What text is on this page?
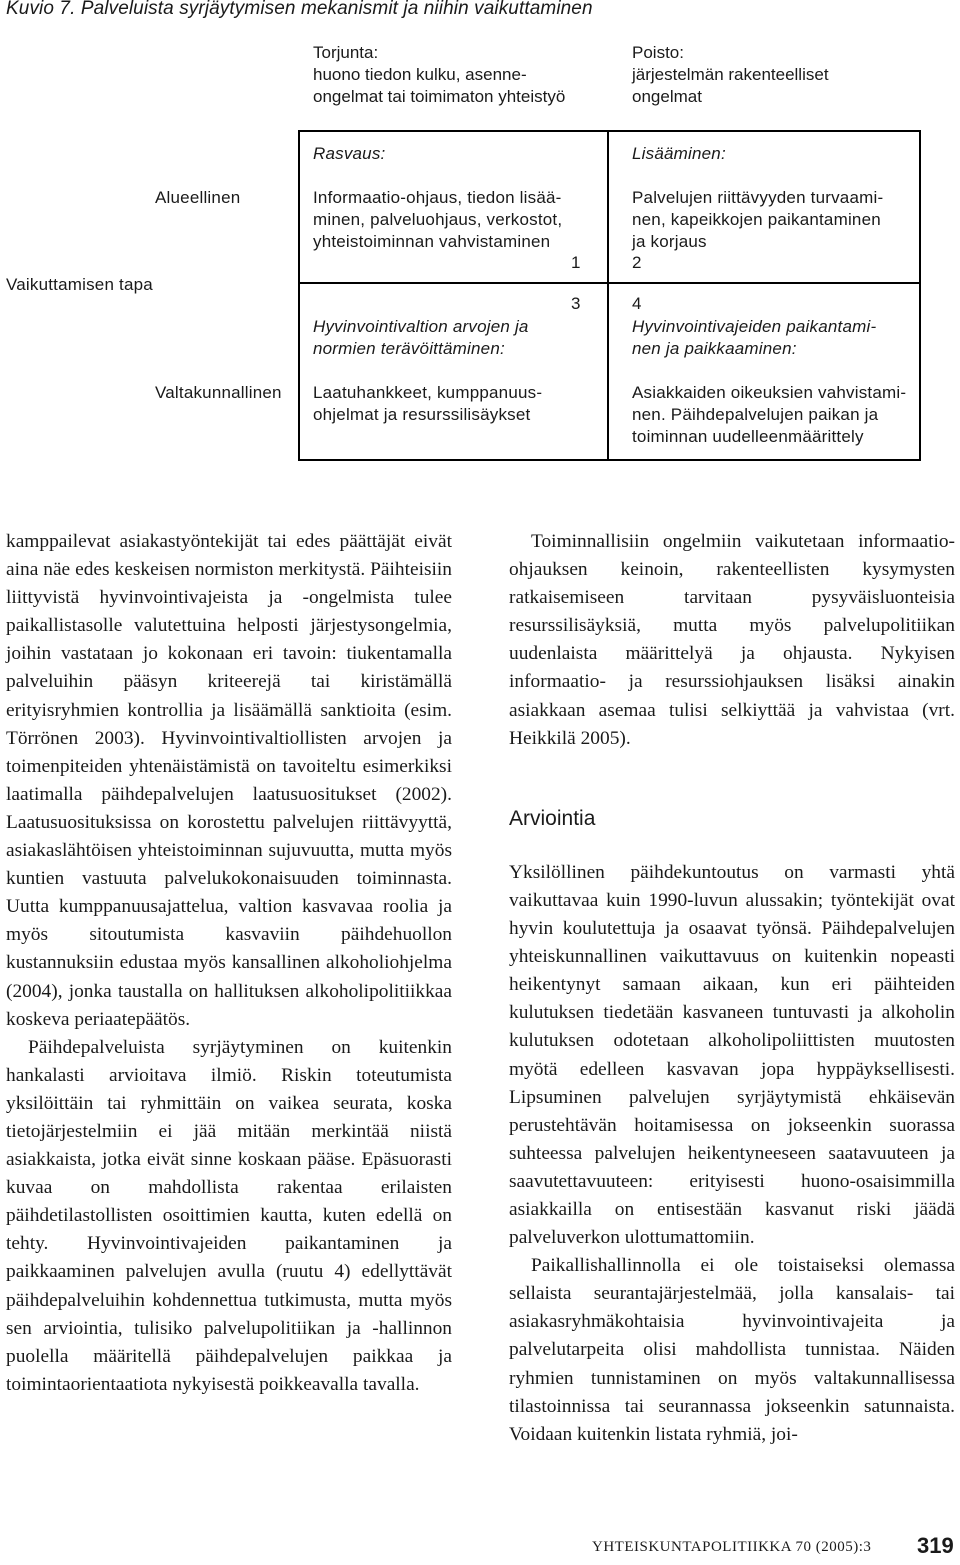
Kuvio 7. Palveluista syrjäytymisen mekanismit ja niihin vaikuttaminen
Torjunta:
huono tiedon kulku, asenne-
ongelmat tai toimimaton yhteistyö
Poisto:
järjestelmän rakenteelliset
ongelmat
Vaikuttamisen tapa
Alueellinen
Valtakunnallinen
Rasvaus:
Informaatio-ohjaus, tiedon lisää-
minen, palveluohjaus, verkostot,
yhteistoiminnan vahvistaminen
1
Lisääminen:
Palvelujen riittävyyden turvaami-
nen, kapeikkojen paikantaminen
ja korjaus
2
3
Hyvinvointivaltion arvojen ja
normien terävöittäminen:
Laatuhankkeet, kumppanuus-
ohjelmat ja resurssilisäykset
4
Hyvinvointivajeiden paikantami-
nen ja paikkaaminen:
Asiakkaiden oikeuksien vahvistami-
nen. Päihdepalvelujen paikan ja
toiminnan uudelleenmäärittely

kamppailevat asiakastyöntekijät tai edes päättäjät eivät aina näe edes keskeisen normiston merkitystä. Päihteisiin liittyvistä hyvinvointivajeista ja -ongelmista tulee paikallistasolle valutettuina helposti järjestysongelmia, joihin vastataan jo kokonaan eri tavoin: tiukentamalla palveluihin pääsyn kriteerejä tai kiristämällä erityisryhmien kontrollia ja lisäämällä sanktioita (esim. Törrönen 2003). Hyvinvointivaltiollisten arvojen ja toimenpiteiden yhtenäistämistä on tavoiteltu esimerkiksi laatimalla päihdepalvelujen laatusuositukset (2002). Laatusuosituksissa on korostettu palvelujen riittävyyttä, asiakaslähtöisen yhteistoiminnan sujuvuutta, mutta myös kuntien vastuuta palvelukokonaisuuden toiminnasta. Uutta kumppanuusajattelua, valtion kasvavaa roolia ja myös sitoutumista kasvaviin päihdehuollon kustannuksiin edustaa myös kansallinen alkoholiohjelma (2004), jonka taustalla on hallituksen alkoholipolitiikkaa koskeva periaatepäätös.

Päihdepalveluista syrjäytyminen on kuitenkin hankalasti arvioitava ilmiö. Riskin toteutumista yksilöittäin tai ryhmittäin on vaikea seurata, koska tietojärjestelmiin ei jää mitään merkintää niistä asiakkaista, jotka eivät sinne koskaan pääse. Epäsuorasti kuvaa on mahdollista rakentaa erilaisten päihdetilastollisten osoittimien kautta, kuten edellä on tehty. Hyvinvointivajeiden paikantaminen ja paikkaaminen palvelujen avulla (ruutu 4) edellyttävät päihdepalveluihin kohdennettua tutkimusta, mutta myös sen arviointia, tulisiko palvelupolitiikan ja -hallinnon puolella määritellä päihdepalvelujen paikkaa ja toimintaorientaatiota nykyisestä poikkeavalla tavalla.

Toiminnallisiin ongelmiin vaikutetaan informaatio-ohjauksen keinoin, rakenteellisten kysymysten ratkaisemiseen tarvitaan pysyväisluonteisia resurssilisäyksiä, mutta myös palvelupolitiikan uudenlaista määrittelyä ja ohjausta. Nykyisen informaatio- ja resurssiohjauksen lisäksi ainakin asiakkaan asemaa tulisi selkiyttää ja vahvistaa (vrt. Heikkilä 2005).

Arviointia

Yksilöllinen päihdekuntoutus on varmasti yhtä vaikuttavaa kuin 1990-luvun alussakin; työntekijät ovat hyvin koulutettuja ja osaavat työnsä. Päihdepalvelujen yhteiskunnallinen vaikuttavuus on kuitenkin nopeasti heikentynyt samaan aikaan, kun eri päihteiden kulutuksen tiedetään kasvaneen tuntuvasti ja alkoholin kulutuksen odotetaan alkoholipoliittisten muutosten myötä edelleen kasvavan jopa hyppäyksellisesti. Lipsuminen palvelujen syrjäytymistä ehkäisevän perustehtävän hoitamisessa on jokseenkin suorassa suhteessa palvelujen heikentyneeseen saatavuuteen ja saavutettavuuteen: erityisesti huono-osaisimmilla asiakkailla on entisestään kasvanut riski jäädä palveluverkon ulottumattomiin.

Paikallishallinnolla ei ole toistaiseksi olemassa sellaista seurantajärjestelmää, jolla kansalais- tai asiakasryhmäkohtaisia hyvinvointivajeita ja palvelutarpeita olisi mahdollista tunnistaa. Näiden ryhmien tunnistaminen on myös valtakunnallisessa tilastoinnissa tai seurannassa jokseenkin satunnaista. Voidaan kuitenkin listata ryhmiä, joi-

YHTEISKUNTAPOLITIIKKA 70 (2005):3 319
